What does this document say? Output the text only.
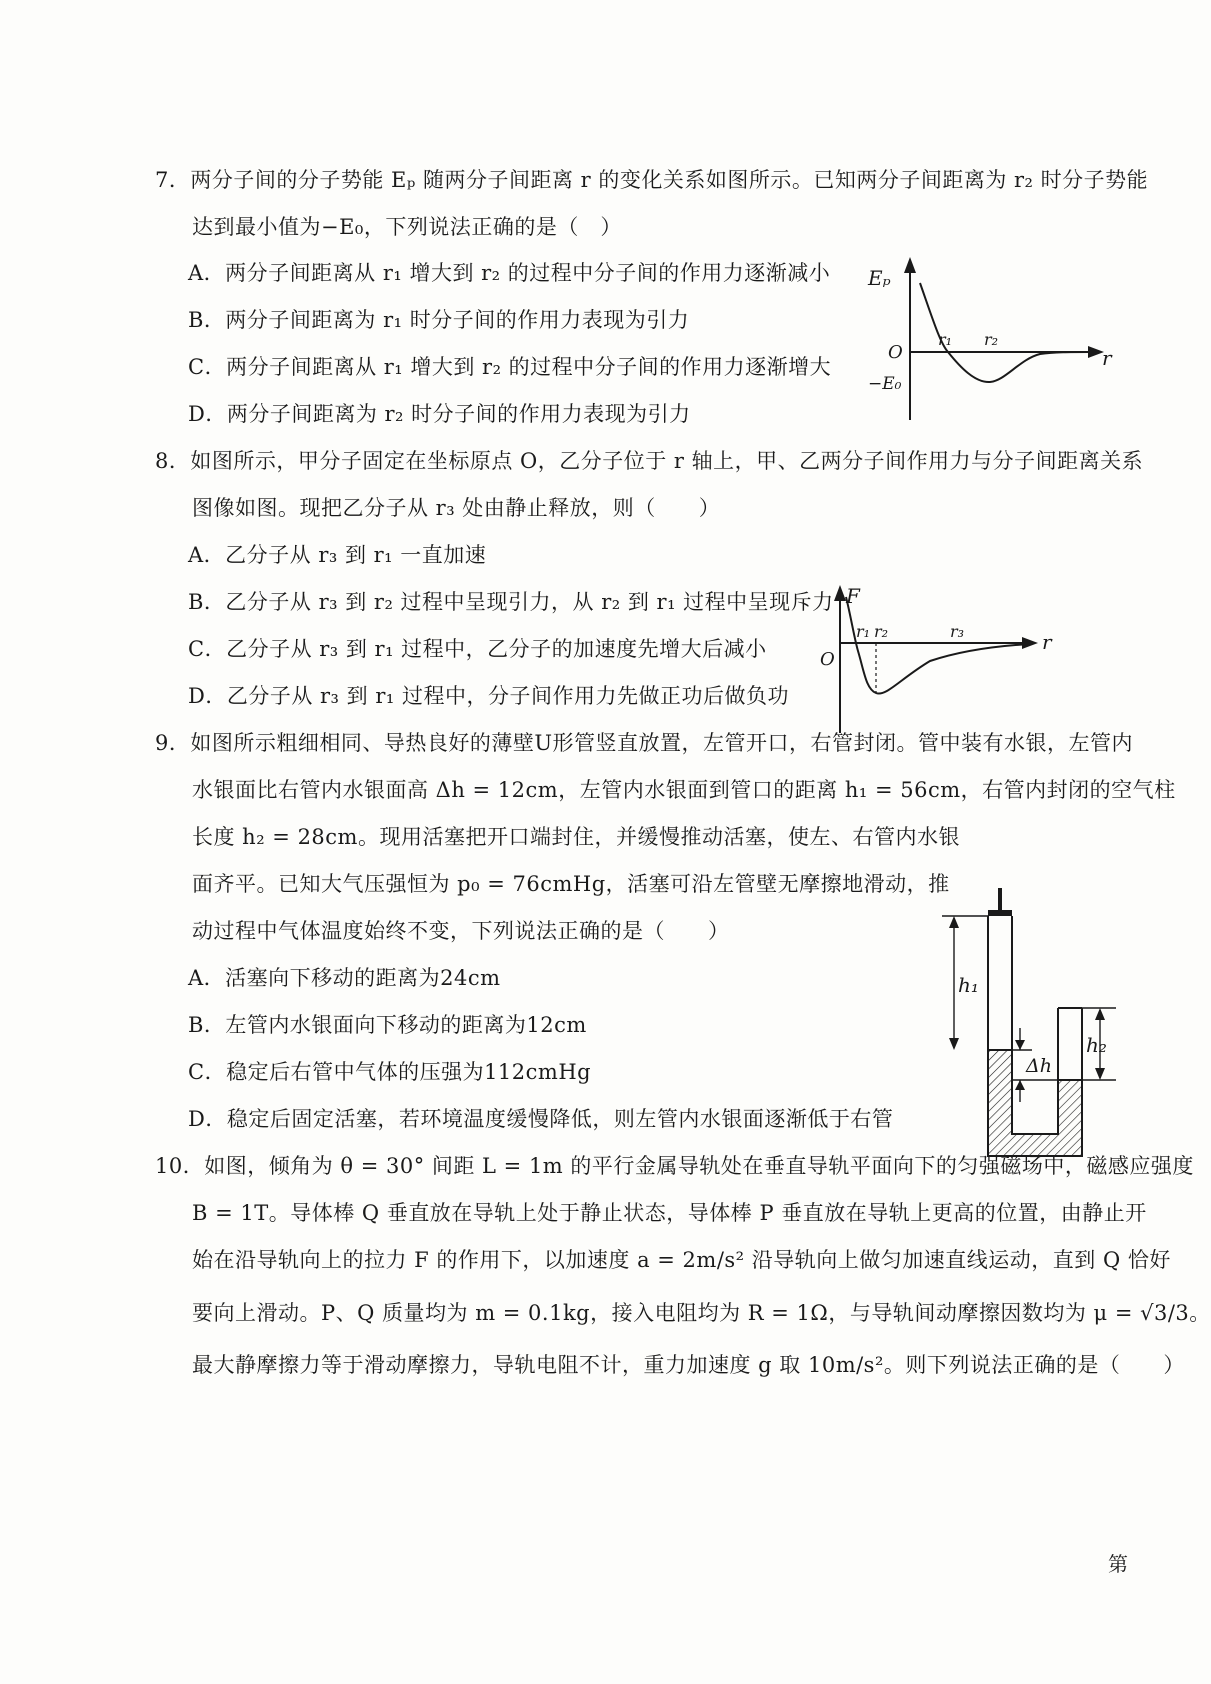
7．两分子间的分子势能 Eₚ 随两分子间距离 r 的变化关系如图所示。已知两分子间距离为 r₂ 时分子势能
达到最小值为−E₀，下列说法正确的是（　）
A．两分子间距离从 r₁ 增大到 r₂ 的过程中分子间的作用力逐渐减小
B．两分子间距离为 r₁ 时分子间的作用力表现为引力
C．两分子间距离从 r₁ 增大到 r₂ 的过程中分子间的作用力逐渐增大
D．两分子间距离为 r₂ 时分子间的作用力表现为引力
Eₚ
r
O
r₁ r₂
−E₀
8．如图所示，甲分子固定在坐标原点 O，乙分子位于 r 轴上，甲、乙两分子间作用力与分子间距离关系
图像如图。现把乙分子从 r₃ 处由静止释放，则（　　）
A．乙分子从 r₃ 到 r₁ 一直加速
B．乙分子从 r₃ 到 r₂ 过程中呈现引力，从 r₂ 到 r₁ 过程中呈现斥力
C．乙分子从 r₃ 到 r₁ 过程中，乙分子的加速度先增大后减小
D．乙分子从 r₃ 到 r₁ 过程中，分子间作用力先做正功后做负功
F
r
O
r₁ r₂	r₃
9．如图所示粗细相同、导热良好的薄壁U形管竖直放置，左管开口，右管封闭。管中装有水银，左管内
水银面比右管内水银面高 Δh = 12cm，左管内水银面到管口的距离 h₁ = 56cm，右管内封闭的空气柱
长度 h₂ = 28cm。现用活塞把开口端封住，并缓慢推动活塞，使左、右管内水银
面齐平。已知大气压强恒为 p₀ = 76cmHg，活塞可沿左管壁无摩擦地滑动，推
动过程中气体温度始终不变，下列说法正确的是（　　）
A．活塞向下移动的距离为24cm
B．左管内水银面向下移动的距离为12cm
C．稳定后右管中气体的压强为112cmHg
D．稳定后固定活塞，若环境温度缓慢降低，则左管内水银面逐渐低于右管
h₁
Δh
h₂
10．如图，倾角为 θ = 30° 间距 L = 1m 的平行金属导轨处在垂直导轨平面向下的匀强磁场中，磁感应强度
B = 1T。导体棒 Q 垂直放在导轨上处于静止状态，导体棒 P 垂直放在导轨上更高的位置，由静止开
始在沿导轨向上的拉力 F 的作用下，以加速度 a = 2m/s² 沿导轨向上做匀加速直线运动，直到 Q 恰好
要向上滑动。P、Q 质量均为 m = 0.1kg，接入电阻均为 R = 1Ω，与导轨间动摩擦因数均为 μ = √3/3。
最大静摩擦力等于滑动摩擦力，导轨电阻不计，重力加速度 g 取 10m/s²。则下列说法正确的是（　　）
第
